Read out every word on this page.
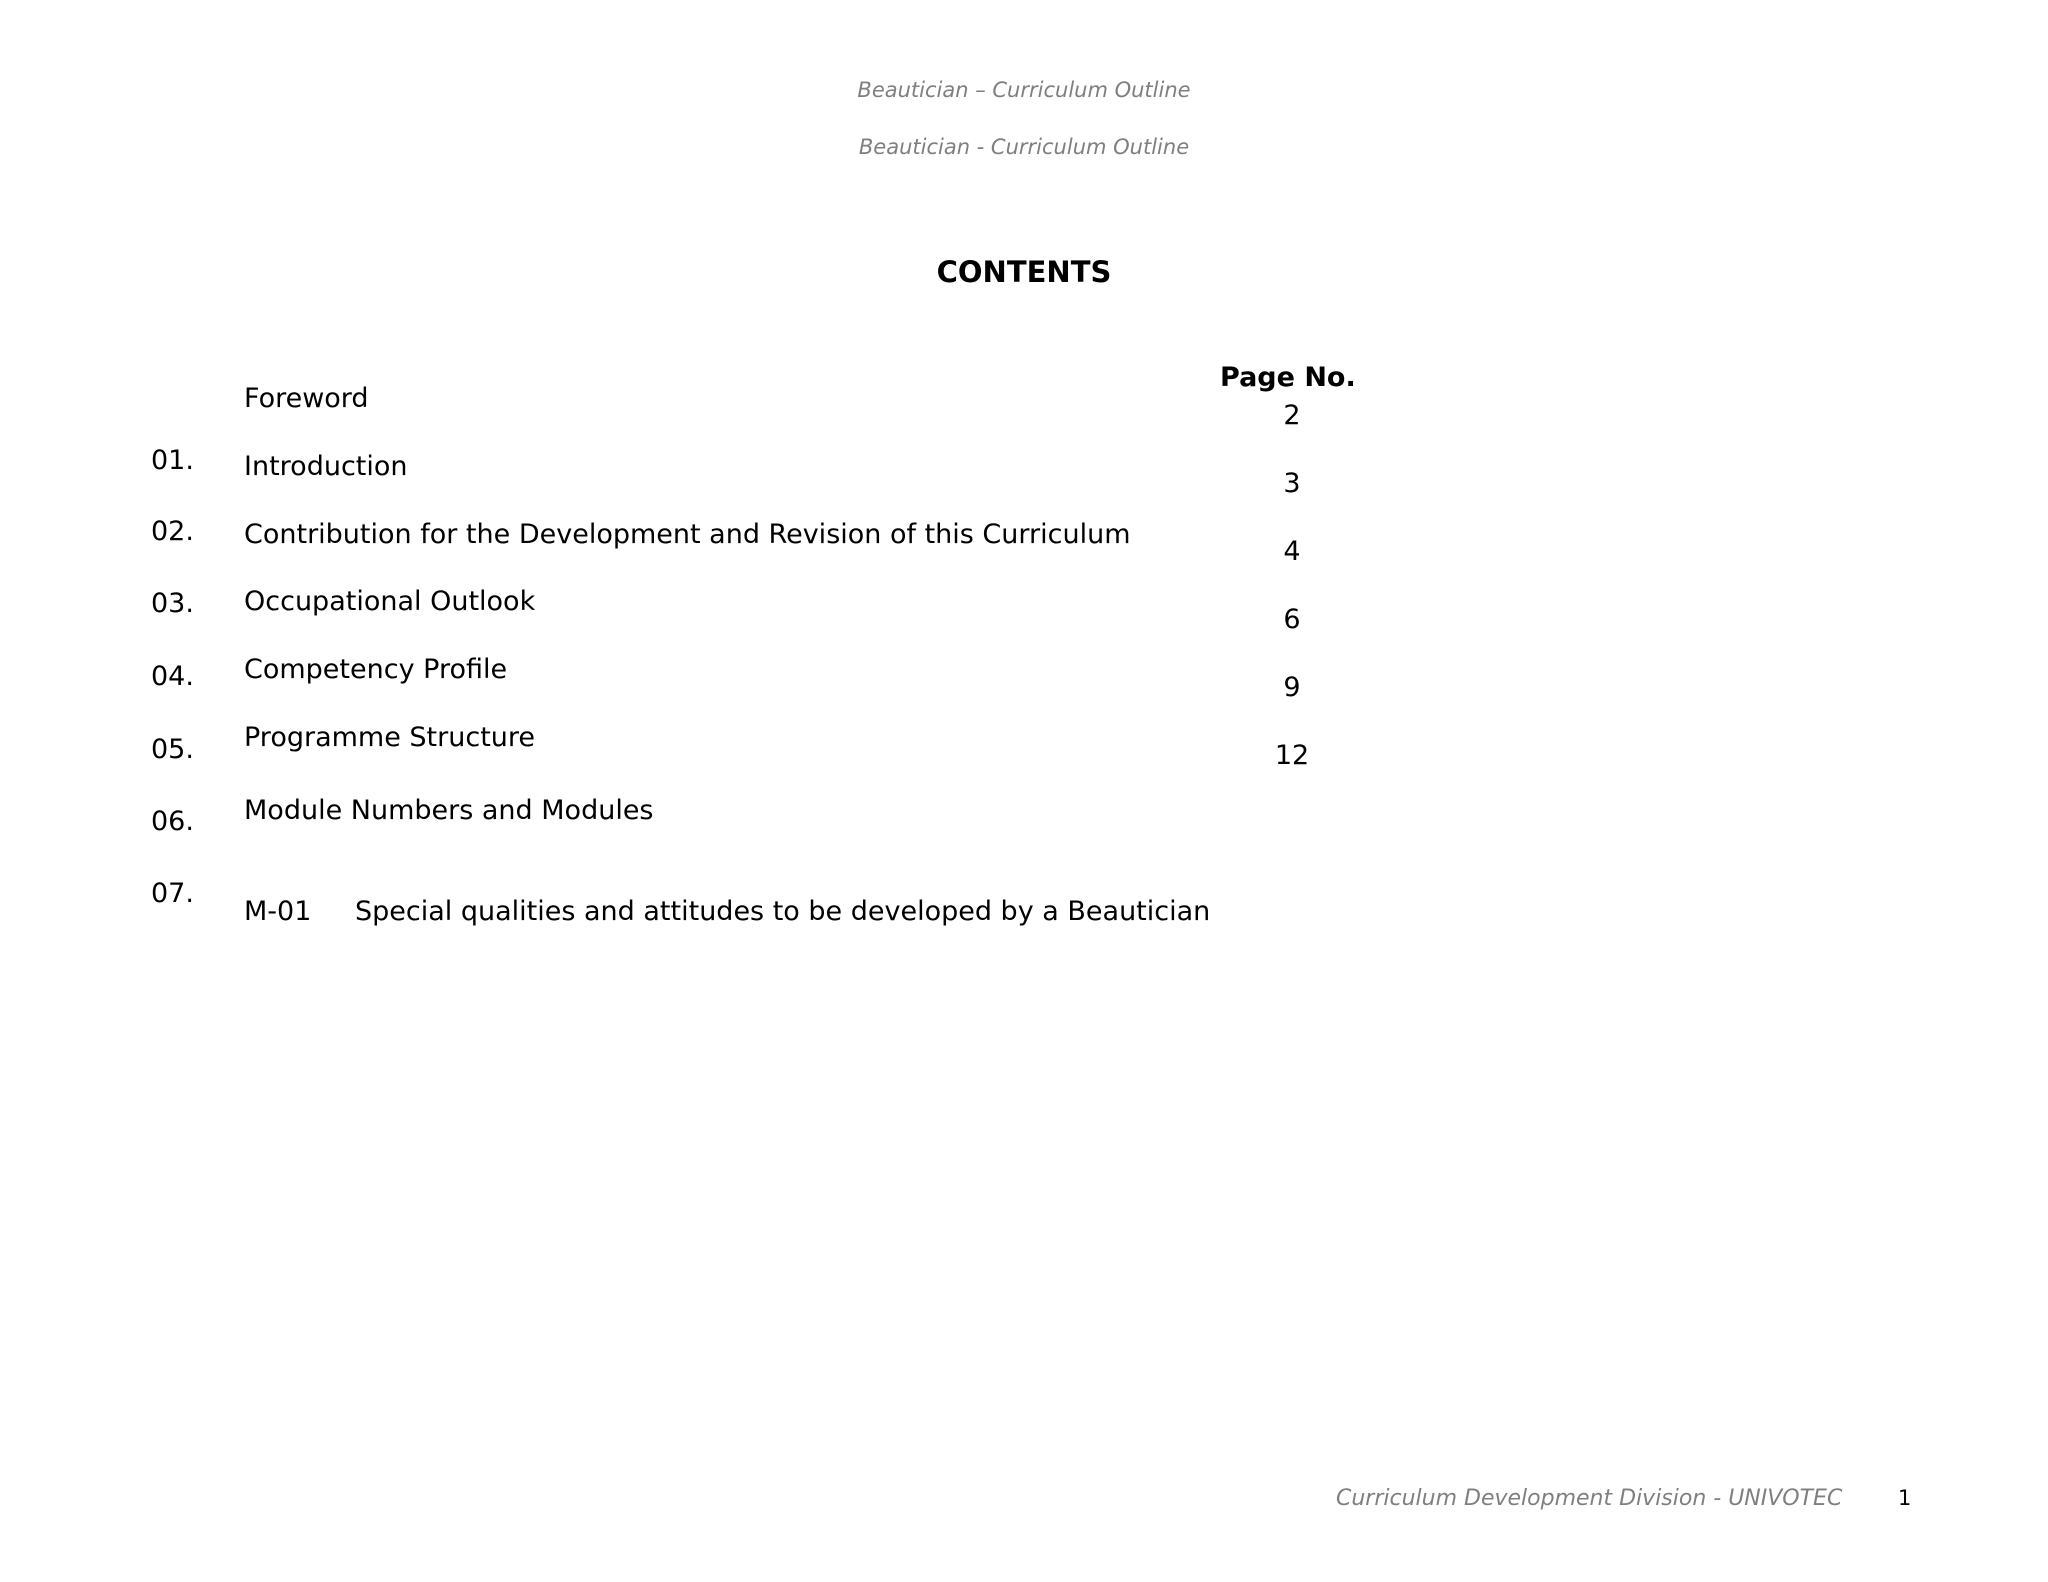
Beautician – Curriculum Outline
Beautician - Curriculum Outline
CONTENTS
Page No.
01.
02.
03.
04.
05.
06.
07.
Foreword
Introduction
Contribution for the Development and Revision of this Curriculum
Occupational Outlook
Competency Profile
Programme Structure
Module Numbers and Modules
2
3
4
6
9
12
M-01 Special qualities and attitudes to be developed by a Beautician
Curriculum Development Division - UNIVOTEC	1
